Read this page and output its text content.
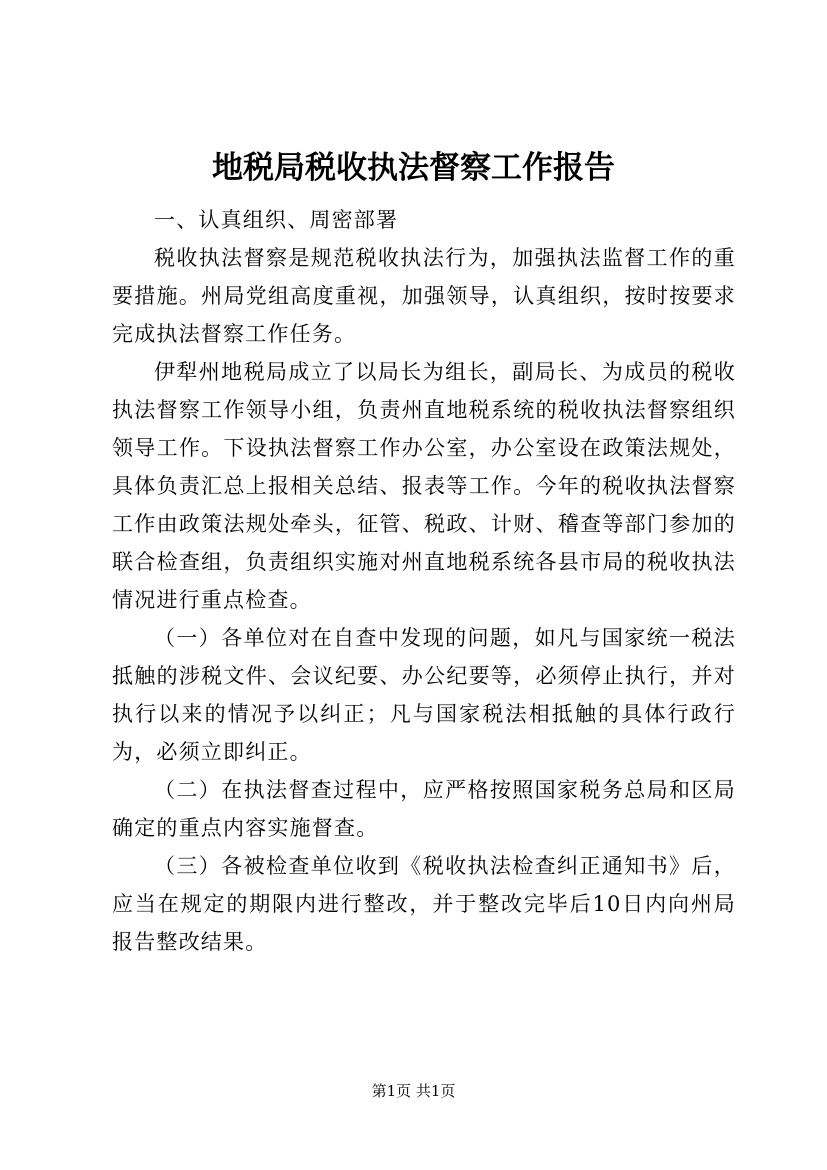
地税局税收执法督察工作报告

一、认真组织、周密部署

税收执法督察是规范税收执法行为，加强执法监督工作的重要措施。州局党组高度重视，加强领导，认真组织，按时按要求完成执法督察工作任务。

伊犁州地税局成立了以局长为组长，副局长、为成员的税收执法督察工作领导小组，负责州直地税系统的税收执法督察组织领导工作。下设执法督察工作办公室，办公室设在政策法规处，具体负责汇总上报相关总结、报表等工作。今年的税收执法督察工作由政策法规处牵头，征管、税政、计财、稽查等部门参加的联合检查组，负责组织实施对州直地税系统各县市局的税收执法情况进行重点检查。

（一）各单位对在自查中发现的问题，如凡与国家统一税法抵触的涉税文件、会议纪要、办公纪要等，必须停止执行，并对执行以来的情况予以纠正；凡与国家税法相抵触的具体行政行为，必须立即纠正。

（二）在执法督查过程中，应严格按照国家税务总局和区局确定的重点内容实施督查。

（三）各被检查单位收到《税收执法检查纠正通知书》后，应当在规定的期限内进行整改，并于整改完毕后10日内向州局报告整改结果。

第1页 共1页
